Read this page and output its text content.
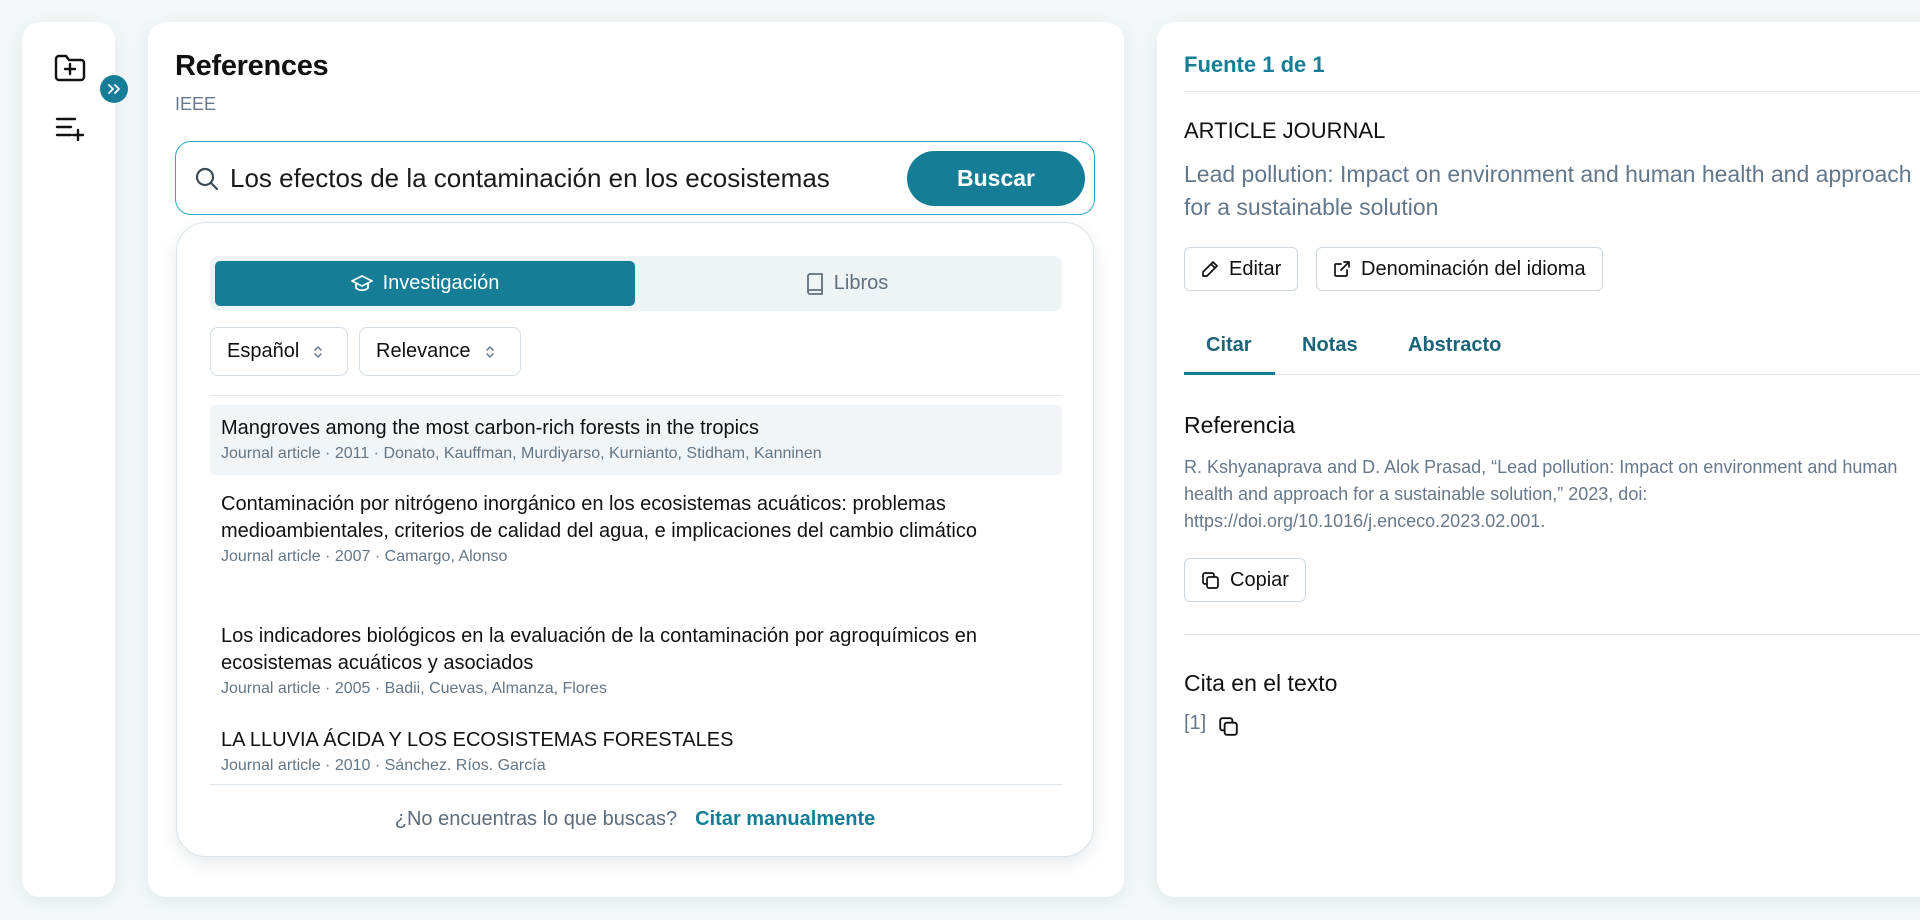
References
IEEE
Los efectos de la contaminación en los ecosistemas
Buscar
Investigación	Libros
Español	Relevance
Mangroves among the most carbon-rich forests in the tropics
Journal article · 2011 · Donato, Kauffman, Murdiyarso, Kurnianto, Stidham, Kanninen
Contaminación por nitrógeno inorgánico en los ecosistemas acuáticos: problemas medioambientales, criterios de calidad del agua, e implicaciones del cambio climático
Journal article · 2007 · Camargo, Alonso
Los indicadores biológicos en la evaluación de la contaminación por agroquímicos en ecosistemas acuáticos y asociados
Journal article · 2005 · Badii, Cuevas, Almanza, Flores
LA LLUVIA ÁCIDA Y LOS ECOSISTEMAS FORESTALES
Journal article · 2010 · Sánchez. Ríos. García
¿No encuentras lo que buscas? Citar manualmente
Fuente 1 de 1
ARTICLE JOURNAL
Lead pollution: Impact on environment and human health and approach for a sustainable solution
Editar	Denominación del idioma
Citar	Notas	Abstracto
Referencia
R. Kshyanaprava and D. Alok Prasad, “Lead pollution: Impact on environment and human health and approach for a sustainable solution,” 2023, doi: https://doi.org/10.1016/j.enceco.2023.02.001.
Copiar
Cita en el texto
[1]
